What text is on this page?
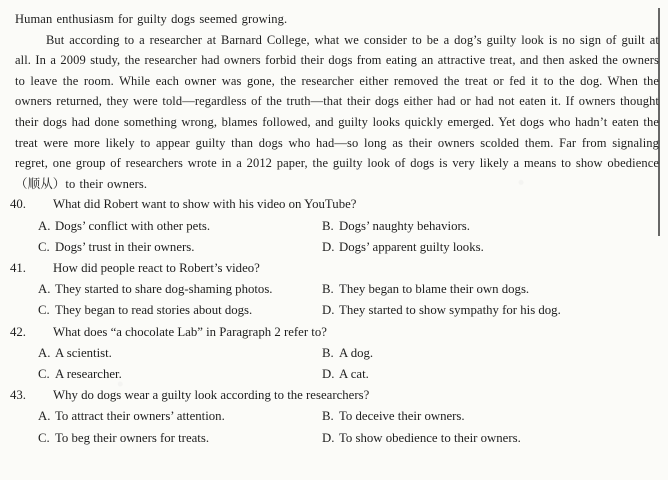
Human enthusiasm for guilty dogs seemed growing.

But according to a researcher at Barnard College, what we consider to be a dog’s guilty look is no sign of guilt at all. In a 2009 study, the researcher had owners forbid their dogs from eating an attractive treat, and then asked the owners to leave the room. While each owner was gone, the researcher either removed the treat or fed it to the dog. When the owners returned, they were told—regardless of the truth—that their dogs either had or had not eaten it. If owners thought their dogs had done something wrong, blames followed, and guilty looks quickly emerged. Yet dogs who hadn’t eaten the treat were more likely to appear guilty than dogs who had—so long as their owners scolded them. Far from signaling regret, one group of researchers wrote in a 2012 paper, the guilty look of dogs is very likely a means to show obedience（顺从）to their owners.

40.	What did Robert want to show with his video on YouTube?
A. Dogs’ conflict with other pets.	B. Dogs’ naughty behaviors.
C. Dogs’ trust in their owners.	D. Dogs’ apparent guilty looks.
41.	How did people react to Robert’s video?
A. They started to share dog-shaming photos.	B. They began to blame their own dogs.
C. They began to read stories about dogs.	D. They started to show sympathy for his dog.
42.	What does “a chocolate Lab” in Paragraph 2 refer to?
A. A scientist.	B. A dog.
C. A researcher.	D. A cat.
43.	Why do dogs wear a guilty look according to the researchers?
A. To attract their owners’ attention.	B. To deceive their owners.
C. To beg their owners for treats.	D. To show obedience to their owners.
